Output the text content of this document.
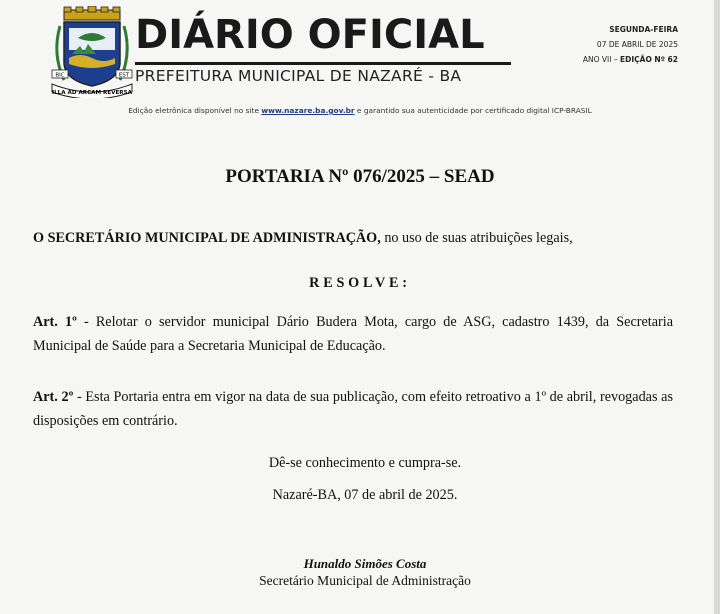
BIC	EST
ILLA AD ARCAM REVERSA
DIÁRIO OFICIAL
PREFEITURA MUNICIPAL DE NAZARÉ - BA
SEGUNDA-FEIRA
07 DE ABRIL DE 2025
ANO VII – EDIÇÃO Nº 62
Edição eletrônica disponível no site www.nazare.ba.gov.br e garantido sua autenticidade por certificado digital ICP-BRASIL
PORTARIA Nº 076/2025 – SEAD
O SECRETÁRIO MUNICIPAL DE ADMINISTRAÇÃO, no uso de suas atribuições legais,
RESOLVE:
Art. 1º - Relotar o servidor municipal Dário Budera Mota, cargo de ASG, cadastro 1439, da Secretaria Municipal de Saúde para a Secretaria Municipal de Educação.
Art. 2º - Esta Portaria entra em vigor na data de sua publicação, com efeito retroativo a 1º de abril, revogadas as disposições em contrário.
Dê-se conhecimento e cumpra-se.
Nazaré-BA, 07 de abril de 2025.
Hunaldo Simões Costa
Secretário Municipal de Administração
